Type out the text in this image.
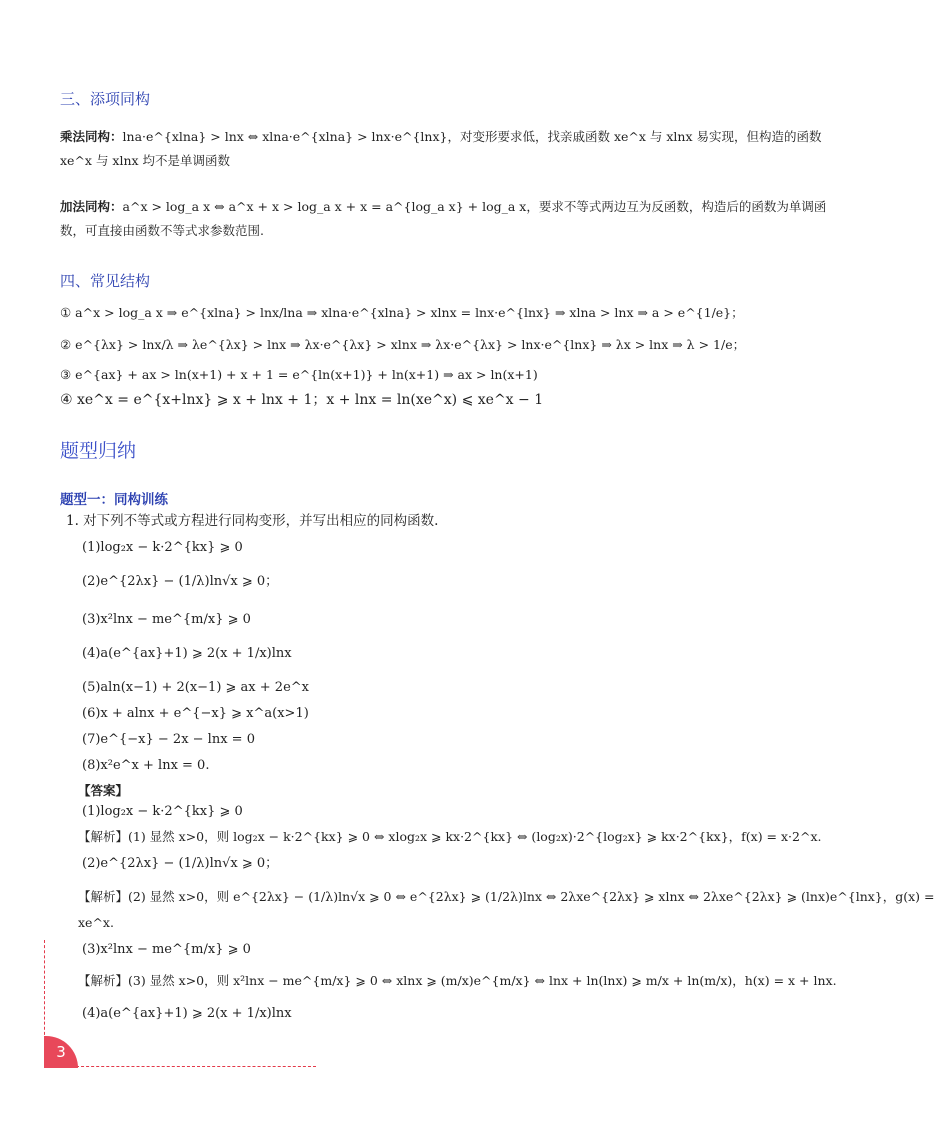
三、添项同构
乘法同构：lna·e^{xlna} > lnx ⇔ xlna·e^{xlna} > lnx·e^{lnx}，对变形要求低，找亲戚函数 xe^x 与 xlnx 易实现，但构造的函数
xe^x 与 xlnx 均不是单调函数
加法同构：a^x > log_a x ⇔ a^x + x > log_a x + x = a^{log_a x} + log_a x，要求不等式两边互为反函数，构造后的函数为单调函
数，可直接由函数不等式求参数范围.
四、常见结构
① a^x > log_a x ⇒ e^{xlna} > lnx/lna ⇒ xlna·e^{xlna} > xlnx = lnx·e^{lnx} ⇒ xlna > lnx ⇒ a > e^{1/e}；
② e^{λx} > lnx/λ ⇒ λe^{λx} > lnx ⇒ λx·e^{λx} > xlnx ⇒ λx·e^{λx} > lnx·e^{lnx} ⇒ λx > lnx ⇒ λ > 1/e；
③ e^{ax} + ax > ln(x+1) + x + 1 = e^{ln(x+1)} + ln(x+1) ⇒ ax > ln(x+1)
④ xe^x = e^{x+lnx} ⩾ x + lnx + 1；x + lnx = ln(xe^x) ⩽ xe^x − 1
题型归纳
题型一：同构训练
1. 对下列不等式或方程进行同构变形，并写出相应的同构函数.
(1)log₂x − k·2^{kx} ⩾ 0
(2)e^{2λx} − (1/λ)ln√x ⩾ 0；
(3)x²lnx − me^{m/x} ⩾ 0
(4)a(e^{ax}+1) ⩾ 2(x + 1/x)lnx
(5)aln(x−1) + 2(x−1) ⩾ ax + 2e^x
(6)x + alnx + e^{−x} ⩾ x^a(x>1)
(7)e^{−x} − 2x − lnx = 0
(8)x²e^x + lnx = 0.
【答案】
(1)log₂x − k·2^{kx} ⩾ 0
【解析】(1) 显然 x>0，则 log₂x − k·2^{kx} ⩾ 0 ⇔ xlog₂x ⩾ kx·2^{kx} ⇔ (log₂x)·2^{log₂x} ⩾ kx·2^{kx}，f(x) = x·2^x.
(2)e^{2λx} − (1/λ)ln√x ⩾ 0；
【解析】(2) 显然 x>0，则 e^{2λx} − (1/λ)ln√x ⩾ 0 ⇔ e^{2λx} ⩾ (1/2λ)lnx ⇔ 2λxe^{2λx} ⩾ xlnx ⇔ 2λxe^{2λx} ⩾ (lnx)e^{lnx}，g(x) =
xe^x.
(3)x²lnx − me^{m/x} ⩾ 0
【解析】(3) 显然 x>0，则 x²lnx − me^{m/x} ⩾ 0 ⇔ xlnx ⩾ (m/x)e^{m/x} ⇔ lnx + ln(lnx) ⩾ m/x + ln(m/x)，h(x) = x + lnx.
(4)a(e^{ax}+1) ⩾ 2(x + 1/x)lnx
3
